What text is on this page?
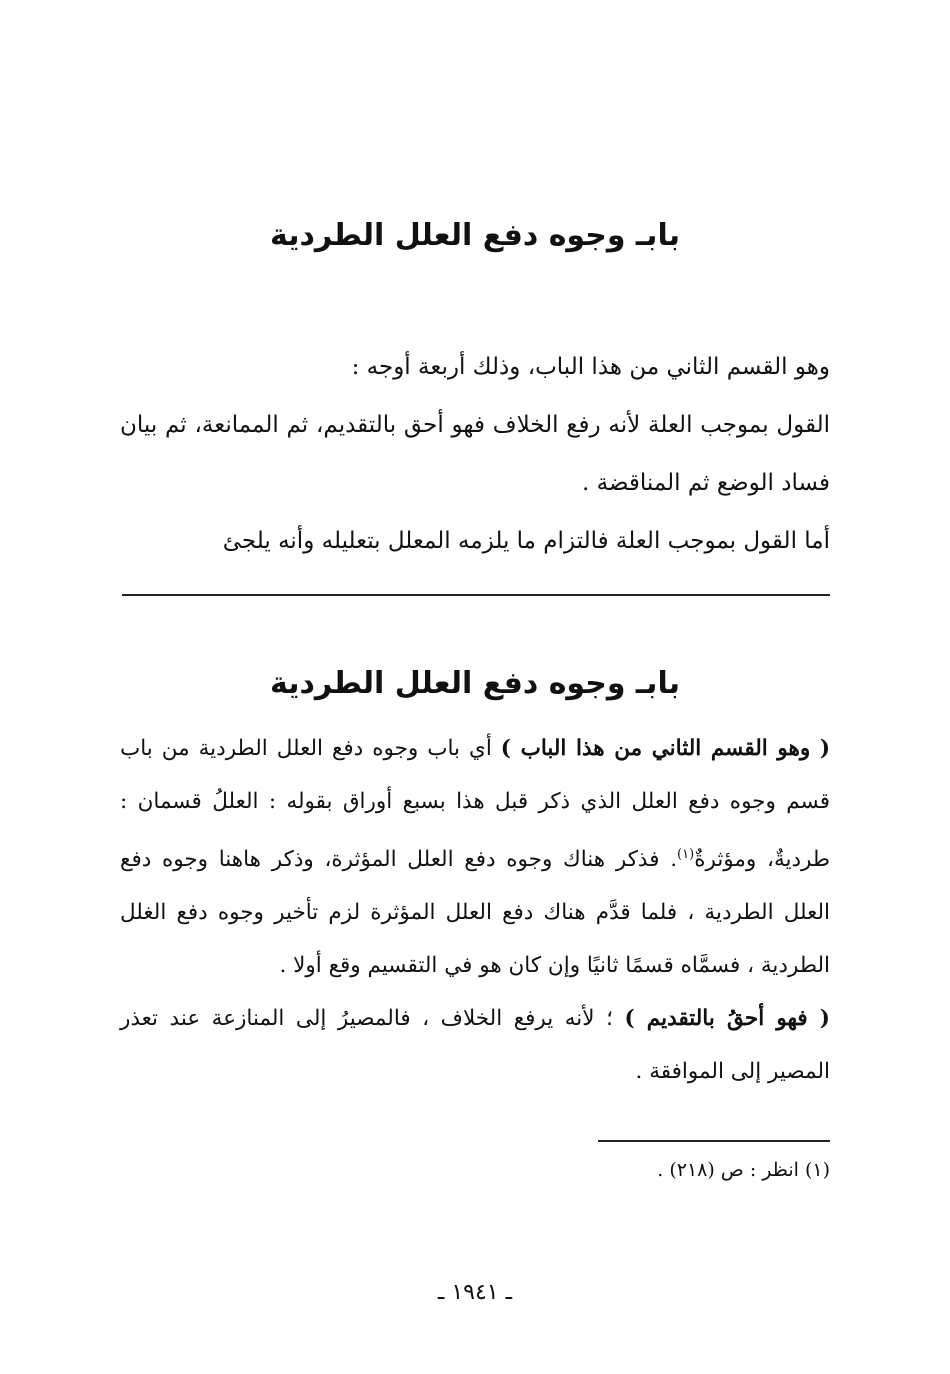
بابـ وجوه دفع العلل الطردية

وهو القسم الثاني من هذا الباب، وذلك أربعة أوجه :

القول بموجب العلة لأنه رفع الخلاف فهو أحق بالتقديم، ثم الممانعة، ثم بيان فساد الوضع ثم المناقضة .

أما القول بموجب العلة فالتزام ما يلزمه المعلل بتعليله وأنه يلجئ

بابـ وجوه دفع العلل الطردية

( وهو القسم الثاني من هذا الباب ) أي باب وجوه دفع العلل الطردية من باب قسم وجوه دفع العلل الذي ذكر قبل هذا بسبع أوراق بقوله : العللُ قسمان : طرديةٌ، ومؤثرةٌ$^{(١)}$. فذكر هناك وجوه دفع العلل المؤثرة، وذكر هاهنا وجوه دفع العلل الطردية ، فلما قدَّم هناك دفع العلل المؤثرة لزم تأخير وجوه دفع الغلل الطردية ، فسمَّاه قسمًا ثانيًا وإن كان هو في التقسيم وقع أولا .

( فهو أحقُ بالتقديم ) ؛ لأنه يرفع الخلاف ، فالمصيرُ إلى المنازعة عند تعذر المصير إلى الموافقة .

(١) انظر : ص (٢١٨) .
ـ ١٩٤١ ـ
